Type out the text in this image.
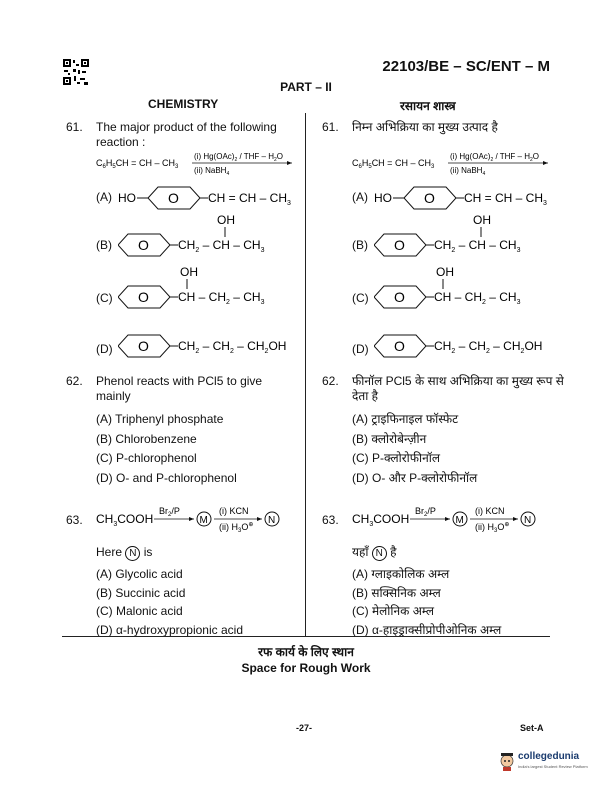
22103/BE – SC/ENT – M
PART – II
CHEMISTRY	रसायन शास्त्र
61. The major product of the following
reaction :
61. निम्न अभिक्रिया का मुख्य उत्पाद है
$C_6H_5CH$ = CH – $CH_3$
(i) $Hg(OAc)_2$ / THF – $H_2O$
(ii) NaBH$_4$
$C_6H_5CH$ = CH – $CH_3$
(i) $Hg(OAc)_2$ / THF – $H_2O$
(ii) NaBH$_4$
(A) HO O CH = CH – $CH_3$
(B) O $CH_2$ – CH – $CH_3$
OH
(C) O CH – $CH_2 - CH_3$
OH
(D) O $CH_2 - CH_2 - CH_2OH$
(A) HO O CH = CH – $CH_3$
(B) O $CH_2$ – CH – $CH_3$
OH
(C) O CH – $CH_2 - CH_3$
OH
(D) O $CH_2 - CH_2 - CH_2OH$
62. Phenol reacts with PCl5 to give
mainly
(A) Triphenyl phosphate
(B) Chlorobenzene
(C) P-chlorophenol
(D) O- and P-chlorophenol
62. फीनॉल PCl5 के साथ अभिक्रिया का मुख्य रूप से
देता है
(A) ट्राइफिनाइल फॉस्फेट
(B) क्लोरोबेन्ज़ीन
(C) P-क्लोरोफीनॉल
(D) O- और P-क्लोरोफीनॉल
63. $CH_3COOH$
$Br_2/P$
M
(i) KCN
(ii) $H_3O^\oplus$ N
Here N is
(A) Glycolic acid
(B) Succinic acid
(C) Malonic acid
(D) α-hydroxypropionic acid
63. $CH_3COOH$
$Br_2/P$
M
(i) KCN
(ii) $H_3O^\oplus$ N
यहाँ N है
(A) ग्लाइकोलिक अम्ल
(B) सक्सिनिक अम्ल
(C) मेलोनिक अम्ल
(D) α-हाइड्राक्सीप्रोपीओनिक अम्ल
रफ कार्य के लिए स्थान
Space for Rough Work
-27-	Set-A
collegedunia
India's largest Student Review Platform
